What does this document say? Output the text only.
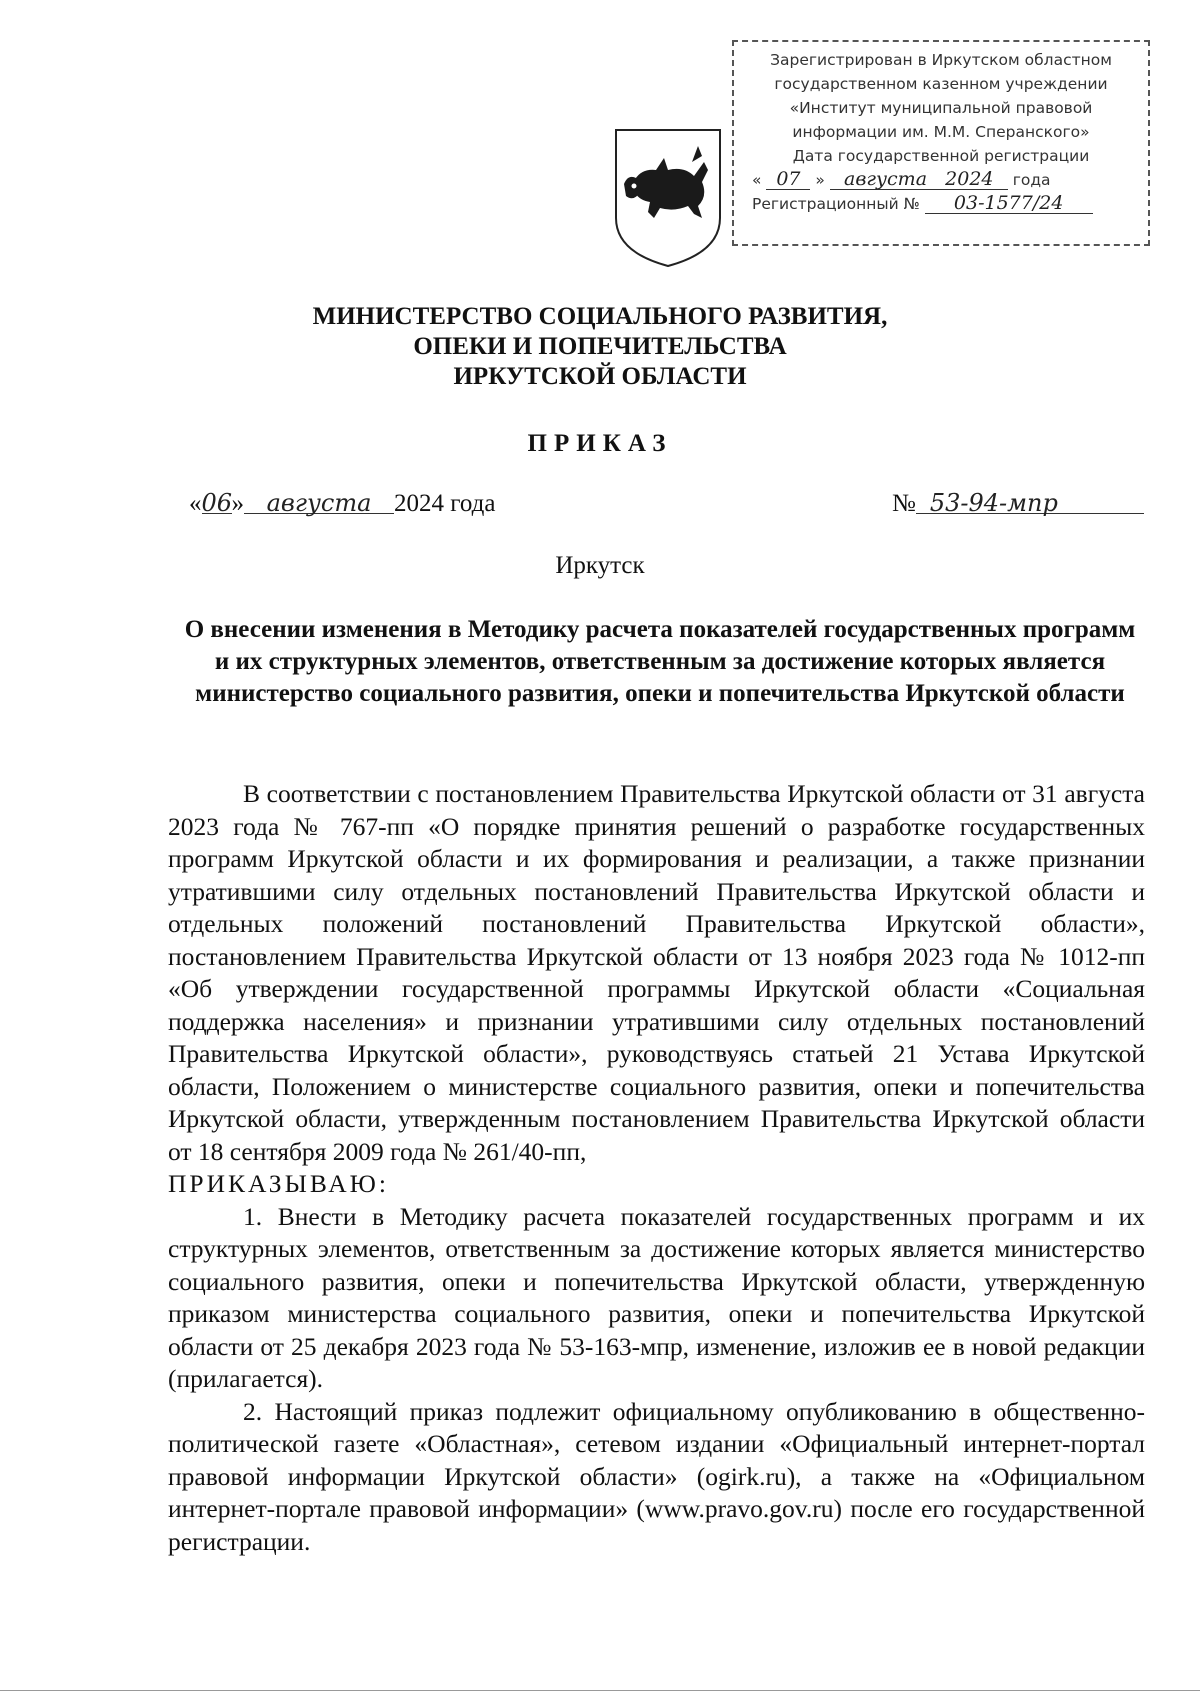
Зарегистрирован в Иркутском областном
государственном казенном учреждении
«Институт муниципальной правовой
информации им. М.М. Сперанского»
Дата государственной регистрации
« 07 » августа 2024 года
Регистрационный № 03-1577/24
МИНИСТЕРСТВО СОЦИАЛЬНОГО РАЗВИТИЯ,
ОПЕКИ И ПОПЕЧИТЕЛЬСТВА
ИРКУТСКОЙ ОБЛАСТИ
ПРИКАЗ
«06» августа 2024 года	№ 53-94-мпр
Иркутск
О внесении изменения в Методику расчета показателей государственных программ и их структурных элементов, ответственным за достижение которых является министерство социального развития, опеки и попечительства Иркутской области

В соответствии с постановлением Правительства Иркутской области от 31 августа 2023 года № 767-пп «О порядке принятия решений о разработке государственных программ Иркутской области и их формирования и реализации, а также признании утратившими силу отдельных постановлений Правительства Иркутской области и отдельных положений постановлений Правительства Иркутской области», постановлением Правительства Иркутской области от 13 ноября 2023 года № 1012-пп «Об утверждении государственной программы Иркутской области «Социальная поддержка населения» и признании утратившими силу отдельных постановлений Правительства Иркутской области», руководствуясь статьей 21 Устава Иркутской области, Положением о министерстве социального развития, опеки и попечительства Иркутской области, утвержденным постановлением Правительства Иркутской области от 18 сентября 2009 года № 261/40-пп,

ПРИКАЗЫВАЮ:

1. Внести в Методику расчета показателей государственных программ и их структурных элементов, ответственным за достижение которых является министерство социального развития, опеки и попечительства Иркутской области, утвержденную приказом министерства социального развития, опеки и попечительства Иркутской области от 25 декабря 2023 года № 53-163-мпр, изменение, изложив ее в новой редакции (прилагается).

2. Настоящий приказ подлежит официальному опубликованию в общественно-политической газете «Областная», сетевом издании «Официальный интернет-портал правовой информации Иркутской области» (ogirk.ru), а также на «Официальном интернет-портале правовой информации» (www.pravo.gov.ru) после его государственной регистрации.
